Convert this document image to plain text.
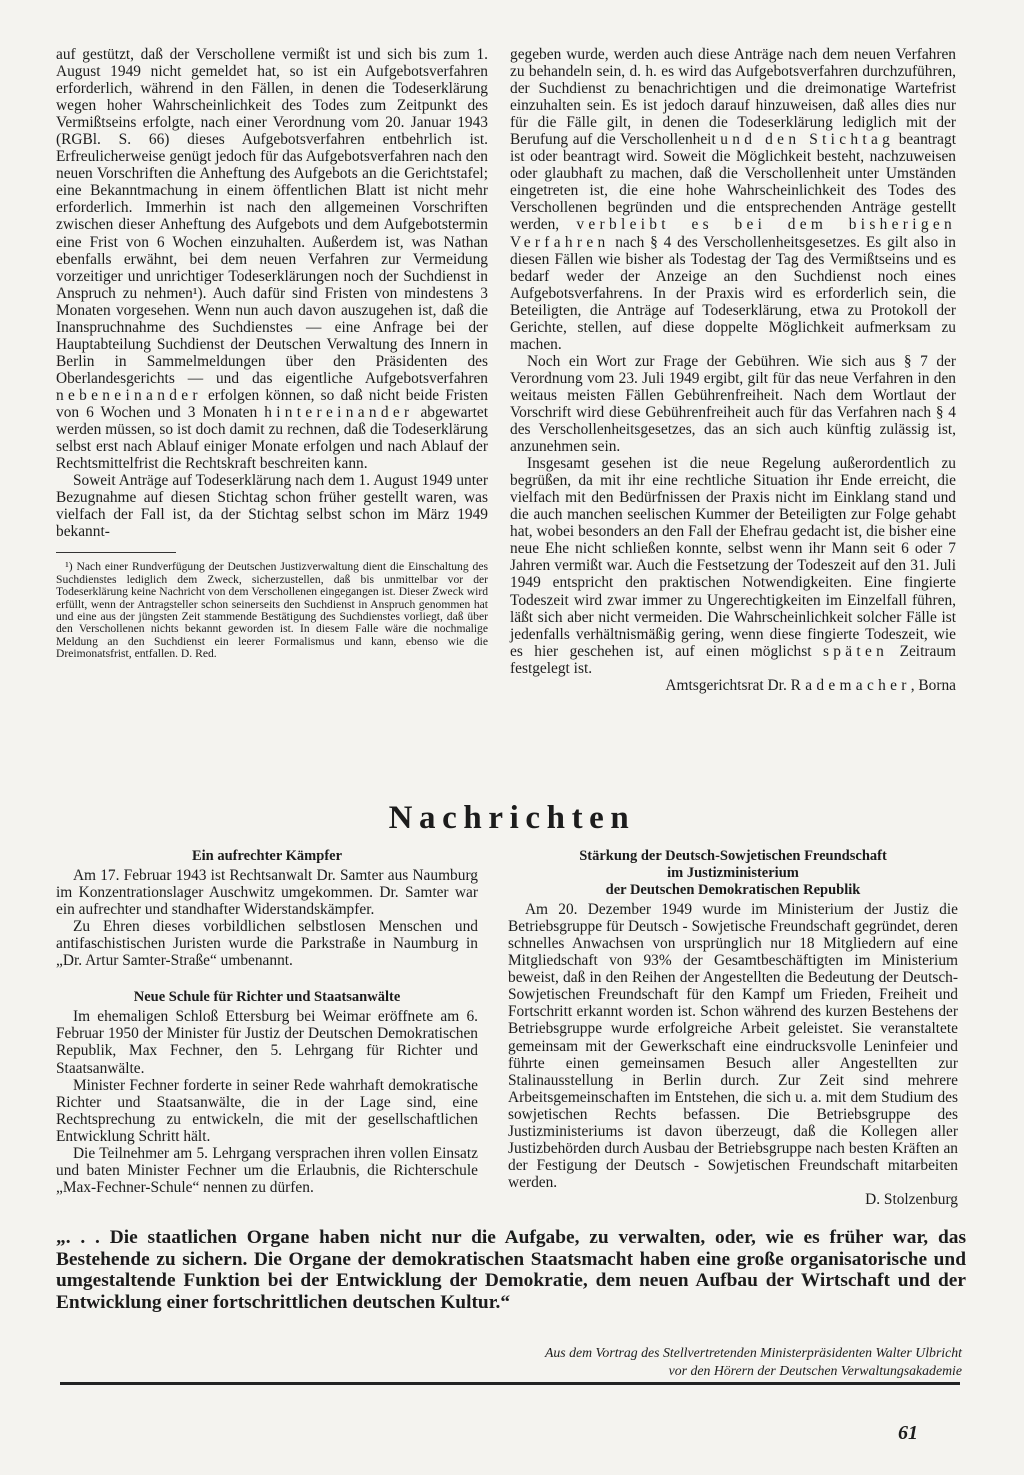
auf gestützt, daß der Verschollene vermißt ist und sich bis zum 1. August 1949 nicht gemeldet hat, so ist ein Aufgebotsverfahren erforderlich, während in den Fällen, in denen die Todeserklärung wegen hoher Wahrscheinlichkeit des Todes zum Zeitpunkt des Vermißtseins erfolgte, nach einer Verordnung vom 20. Januar 1943 (RGBl. S. 66) dieses Aufgebotsverfahren entbehrlich ist. Erfreulicherweise genügt jedoch für das Aufgebotsverfahren nach den neuen Vorschriften die Anheftung des Aufgebots an die Gerichtstafel; eine Bekanntmachung in einem öffentlichen Blatt ist nicht mehr erforderlich. Immerhin ist nach den allgemeinen Vorschriften zwischen dieser Anheftung des Aufgebots und dem Aufgebotstermin eine Frist von 6 Wochen einzuhalten. Außerdem ist, was Nathan ebenfalls erwähnt, bei dem neuen Verfahren zur Vermeidung vorzeitiger und unrichtiger Todeserklärungen noch der Suchdienst in Anspruch zu nehmen¹). Auch dafür sind Fristen von mindestens 3 Monaten vorgesehen. Wenn nun auch davon auszugehen ist, daß die Inanspruchnahme des Suchdienstes — eine Anfrage bei der Hauptabteilung Suchdienst der Deutschen Verwaltung des Innern in Berlin in Sammelmeldungen über den Präsidenten des Oberlandesgerichts — und das eigentliche Aufgebotsverfahren nebeneinander erfolgen können, so daß nicht beide Fristen von 6 Wochen und 3 Monaten hintereinander abgewartet werden müssen, so ist doch damit zu rechnen, daß die Todeserklärung selbst erst nach Ablauf einiger Monate erfolgen und nach Ablauf der Rechtsmittelfrist die Rechtskraft beschreiten kann.

Soweit Anträge auf Todeserklärung nach dem 1. August 1949 unter Bezugnahme auf diesen Stichtag schon früher gestellt waren, was vielfach der Fall ist, da der Stichtag selbst schon im März 1949 bekannt-

¹) Nach einer Rundverfügung der Deutschen Justizverwaltung dient die Einschaltung des Suchdienstes lediglich dem Zweck, sicherzustellen, daß bis unmittelbar vor der Todeserklärung keine Nachricht von dem Verschollenen eingegangen ist. Dieser Zweck wird erfüllt, wenn der Antragsteller schon seinerseits den Suchdienst in Anspruch genommen hat und eine aus der jüngsten Zeit stammende Bestätigung des Suchdienstes vorliegt, daß über den Verschollenen nichts bekannt geworden ist. In diesem Falle wäre die nochmalige Meldung an den Suchdienst ein leerer Formalismus und kann, ebenso wie die Dreimonatsfrist, entfallen. D. Red.

gegeben wurde, werden auch diese Anträge nach dem neuen Verfahren zu behandeln sein, d. h. es wird das Aufgebotsverfahren durchzuführen, der Suchdienst zu benachrichtigen und die dreimonatige Wartefrist einzuhalten sein. Es ist jedoch darauf hinzuweisen, daß alles dies nur für die Fälle gilt, in denen die Todeserklärung lediglich mit der Berufung auf die Verschollenheit und den Stichtag beantragt ist oder beantragt wird. Soweit die Möglichkeit besteht, nachzuweisen oder glaubhaft zu machen, daß die Verschollenheit unter Umständen eingetreten ist, die eine hohe Wahrscheinlichkeit des Todes des Verschollenen begründen und die entsprechenden Anträge gestellt werden, verbleibt es bei dem bisherigen Verfahren nach § 4 des Verschollenheitsgesetzes. Es gilt also in diesen Fällen wie bisher als Todestag der Tag des Vermißtseins und es bedarf weder der Anzeige an den Suchdienst noch eines Aufgebotsverfahrens. In der Praxis wird es erforderlich sein, die Beteiligten, die Anträge auf Todeserklärung, etwa zu Protokoll der Gerichte, stellen, auf diese doppelte Möglichkeit aufmerksam zu machen.

Noch ein Wort zur Frage der Gebühren. Wie sich aus § 7 der Verordnung vom 23. Juli 1949 ergibt, gilt für das neue Verfahren in den weitaus meisten Fällen Gebührenfreiheit. Nach dem Wortlaut der Vorschrift wird diese Gebührenfreiheit auch für das Verfahren nach § 4 des Verschollenheitsgesetzes, das an sich auch künftig zulässig ist, anzunehmen sein.

Insgesamt gesehen ist die neue Regelung außerordentlich zu begrüßen, da mit ihr eine rechtliche Situation ihr Ende erreicht, die vielfach mit den Bedürfnissen der Praxis nicht im Einklang stand und die auch manchen seelischen Kummer der Beteiligten zur Folge gehabt hat, wobei besonders an den Fall der Ehefrau gedacht ist, die bisher eine neue Ehe nicht schließen konnte, selbst wenn ihr Mann seit 6 oder 7 Jahren vermißt war. Auch die Festsetzung der Todeszeit auf den 31. Juli 1949 entspricht den praktischen Notwendigkeiten. Eine fingierte Todeszeit wird zwar immer zu Ungerechtigkeiten im Einzelfall führen, läßt sich aber nicht vermeiden. Die Wahrscheinlichkeit solcher Fälle ist jedenfalls verhältnismäßig gering, wenn diese fingierte Todeszeit, wie es hier geschehen ist, auf einen möglichst späten Zeitraum festgelegt ist.

Amtsgerichtsrat Dr. Rademacher, Borna

Nachrichten

Ein aufrechter Kämpfer

Am 17. Februar 1943 ist Rechtsanwalt Dr. Samter aus Naumburg im Konzentrationslager Auschwitz umgekommen. Dr. Samter war ein aufrechter und standhafter Widerstandskämpfer.

Zu Ehren dieses vorbildlichen selbstlosen Menschen und antifaschistischen Juristen wurde die Parkstraße in Naumburg in „Dr. Artur Samter-Straße“ umbenannt.

Neue Schule für Richter und Staatsanwälte

Im ehemaligen Schloß Ettersburg bei Weimar eröffnete am 6. Februar 1950 der Minister für Justiz der Deutschen Demokratischen Republik, Max Fechner, den 5. Lehrgang für Richter und Staatsanwälte.

Minister Fechner forderte in seiner Rede wahrhaft demokratische Richter und Staatsanwälte, die in der Lage sind, eine Rechtsprechung zu entwickeln, die mit der gesellschaftlichen Entwicklung Schritt hält.

Die Teilnehmer am 5. Lehrgang versprachen ihren vollen Einsatz und baten Minister Fechner um die Erlaubnis, die Richterschule „Max-Fechner-Schule“ nennen zu dürfen.

Stärkung der Deutsch-Sowjetischen Freundschaft

im Justizministerium

der Deutschen Demokratischen Republik

Am 20. Dezember 1949 wurde im Ministerium der Justiz die Betriebsgruppe für Deutsch - Sowjetische Freundschaft gegründet, deren schnelles Anwachsen von ursprünglich nur 18 Mitgliedern auf eine Mitgliedschaft von 93% der Gesamtbeschäftigten im Ministerium beweist, daß in den Reihen der Angestellten die Bedeutung der Deutsch-Sowjetischen Freundschaft für den Kampf um Frieden, Freiheit und Fortschritt erkannt worden ist. Schon während des kurzen Bestehens der Betriebsgruppe wurde erfolgreiche Arbeit geleistet. Sie veranstaltete gemeinsam mit der Gewerkschaft eine eindrucksvolle Leninfeier und führte einen gemeinsamen Besuch aller Angestellten zur Stalinausstellung in Berlin durch. Zur Zeit sind mehrere Arbeitsgemeinschaften im Entstehen, die sich u. a. mit dem Studium des sowjetischen Rechts befassen. Die Betriebsgruppe des Justizministeriums ist davon überzeugt, daß die Kollegen aller Justizbehörden durch Ausbau der Betriebsgruppe nach besten Kräften an der Festigung der Deutsch - Sowjetischen Freundschaft mitarbeiten werden.

D. Stolzenburg

„. . . Die staatlichen Organe haben nicht nur die Aufgabe, zu verwalten, oder, wie es früher war, das Bestehende zu sichern. Die Organe der demokratischen Staatsmacht haben eine große organisatorische und umgestaltende Funktion bei der Entwicklung der Demokratie, dem neuen Aufbau der Wirtschaft und der Entwicklung einer fortschrittlichen deutschen Kultur.“

Aus dem Vortrag des Stellvertretenden Ministerpräsidenten Walter Ulbricht
vor den Hörern der Deutschen Verwaltungsakademie

61
